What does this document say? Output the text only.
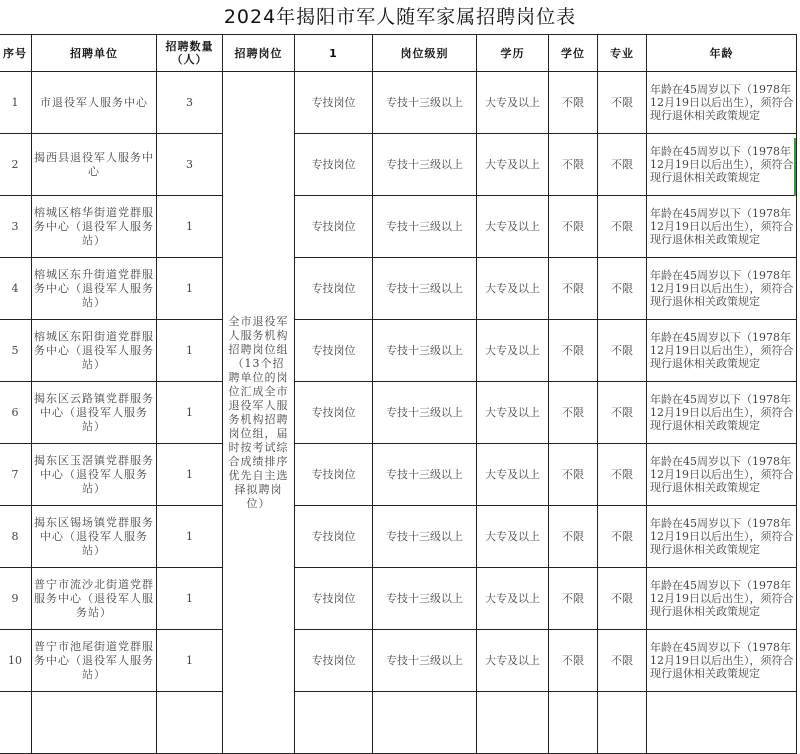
2024年揭阳市军人随军家属招聘岗位表
序号	招聘单位	招聘数量（人）	招聘岗位	1	岗位级别	学历	学位	专业	年龄
1	市退役军人服务中心	3	全市退役军人服务机构招聘岗位组（13个招聘单位的岗位汇成全市退役军人服务机构招聘岗位组，届时按考试综合成绩排序优先自主选择拟聘岗位）	专技岗位	专技十三级以上	大专及以上	不限	不限	年龄在45周岁以下（1978年12月19日以后出生），须符合现行退休相关政策规定
2	揭西县退役军人服务中心	3		专技岗位	专技十三级以上	大专及以上	不限	不限	年龄在45周岁以下（1978年12月19日以后出生），须符合现行退休相关政策规定
3	榕城区榕华街道党群服务中心（退役军人服务站）	1		专技岗位	专技十三级以上	大专及以上	不限	不限	年龄在45周岁以下（1978年12月19日以后出生），须符合现行退休相关政策规定
4	榕城区东升街道党群服务中心（退役军人服务站）	1		专技岗位	专技十三级以上	大专及以上	不限	不限	年龄在45周岁以下（1978年12月19日以后出生），须符合现行退休相关政策规定
5	榕城区东阳街道党群服务中心（退役军人服务站）	1		专技岗位	专技十三级以上	大专及以上	不限	不限	年龄在45周岁以下（1978年12月19日以后出生），须符合现行退休相关政策规定
6	揭东区云路镇党群服务中心（退役军人服务站）	1		专技岗位	专技十三级以上	大专及以上	不限	不限	年龄在45周岁以下（1978年12月19日以后出生），须符合现行退休相关政策规定
7	揭东区玉滘镇党群服务中心（退役军人服务站）	1		专技岗位	专技十三级以上	大专及以上	不限	不限	年龄在45周岁以下（1978年12月19日以后出生），须符合现行退休相关政策规定
8	揭东区锡场镇党群服务中心（退役军人服务站）	1		专技岗位	专技十三级以上	大专及以上	不限	不限	年龄在45周岁以下（1978年12月19日以后出生），须符合现行退休相关政策规定
9	普宁市流沙北街道党群服务中心（退役军人服务站）	1		专技岗位	专技十三级以上	大专及以上	不限	不限	年龄在45周岁以下（1978年12月19日以后出生），须符合现行退休相关政策规定
10	普宁市池尾街道党群服务中心（退役军人服务站）	1		专技岗位	专技十三级以上	大专及以上	不限	不限	年龄在45周岁以下（1978年12月19日以后出生），须符合现行退休相关政策规定
